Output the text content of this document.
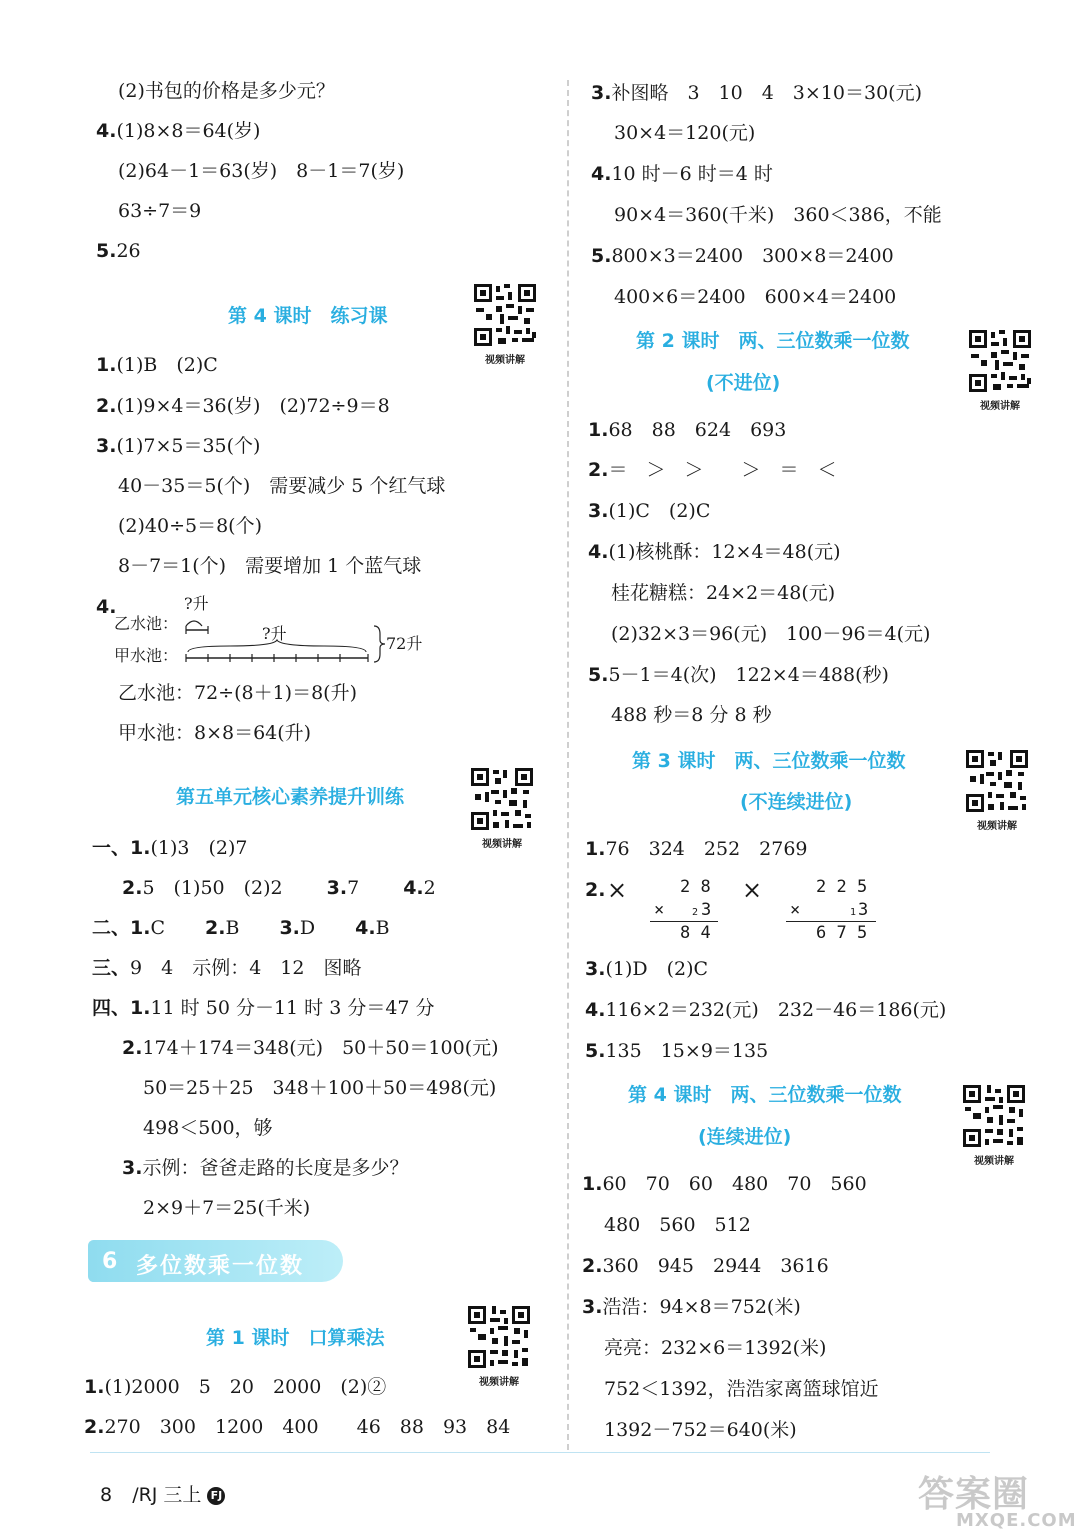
(2)书包的价格是多少元？
4.(1)8×8＝64(岁)
(2)64－1＝63(岁)　8－1＝7(岁)
63÷7＝9
5.26
第 4 课时　练习课
视频讲解
1.(1)B　(2)C
2.(1)9×4＝36(岁)　(2)72÷9＝8
3.(1)7×5＝35(个)
40－35＝5(个)　需要减少 5 个红气球
(2)40÷5＝8(个)
8－7＝1(个)　需要增加 1 个蓝气球
4.	?升
乙水池：
?升
甲水池：
72升
乙水池：72÷(8＋1)＝8(升)
甲水池：8×8＝64(升)
第五单元核心素养提升训练
视频讲解
一、1.(1)3　(2)7
2.5　(1)50　(2)2 3.7 4.2
二、1.C 2.B 3.D 4.B
三、9　4　示例：4　12　图略
四、1.11 时 50 分－11 时 3 分＝47 分
2.174＋174＝348(元)　50＋50＝100(元)
50＝25＋25　348＋100＋50＝498(元)
498＜500，够
3.示例：爸爸走路的长度是多少？
2×9＋7＝25(千米)
6 多位数乘一位数
第 1 课时　口算乘法
视频讲解
1.(1)2000　5　20　2000　(2)②
2.270　300　1200　400　　46　88　93　84
3.补图略　3　10　4　3×10＝30(元)
30×4＝120(元)
4.10 时－6 时＝4 时
90×4＝360(千米)　360＜386，不能
5.800×3＝2400　300×8＝2400
400×6＝2400　600×4＝2400
第 2 课时　两、三位数乘一位数
(不进位)
视频讲解
1.68　88　624　693
2.＝　＞　＞　　＞　＝　＜
3.(1)C　(2)C
4.(1)核桃酥：12×4＝48(元)
桂花糖糕：24×2＝48(元)
(2)32×3＝96(元)　100－96＝4(元)
5.5－1＝4(次)　122×4＝488(秒)
488 秒＝8 分 8 秒
第 3 课时　两、三位数乘一位数
(不连续进位)
视频讲解
1.76　324　252　2769
2. ×	×
2 8
×	2 3
8 4
2 2 5
×	1 3
6 7 5
3.(1)D　(2)C
4.116×2＝232(元)　232－46＝186(元)
5.135　15×9＝135
第 4 课时　两、三位数乘一位数
(连续进位)
视频讲解
1.60　70　60　480　70　560
480　560　512
2.360　945　2944　3616
3.浩浩：94×8＝752(米)
亮亮：232×6＝1392(米)
752＜1392，浩浩家离篮球馆近
1392－752＝640(米)
8 /RJ 三上 FJ	答案圈
MXQE.COM
